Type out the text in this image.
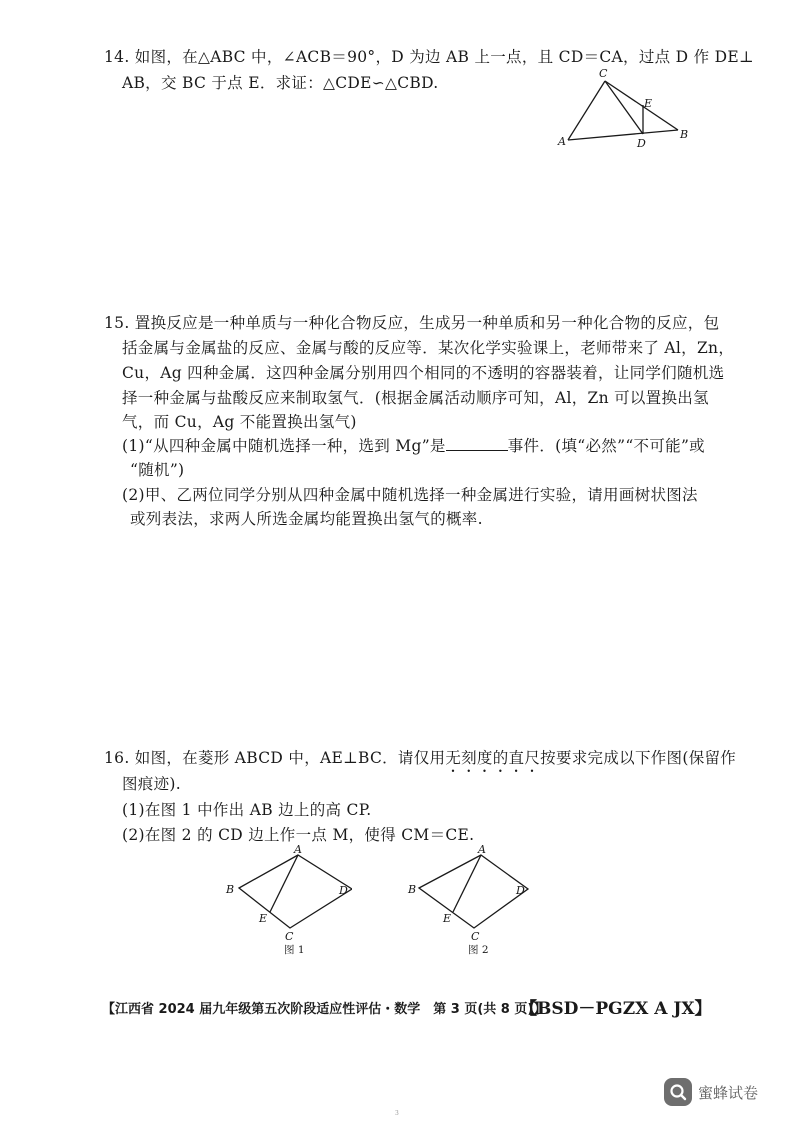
14. 如图，在△ABC 中，∠ACB＝90°，D 为边 AB 上一点，且 CD＝CA，过点 D 作 DE⊥
AB，交 BC 于点 E．求证：△CDE∽△CBD.
C
E
A	D
B
15. 置换反应是一种单质与一种化合物反应，生成另一种单质和另一种化合物的反应，包
括金属与金属盐的反应、金属与酸的反应等．某次化学实验课上，老师带来了 Al，Zn，
Cu，Ag 四种金属．这四种金属分别用四个相同的不透明的容器装着，让同学们随机选
择一种金属与盐酸反应来制取氢气．(根据金属活动顺序可知，Al，Zn 可以置换出氢
气，而 Cu，Ag 不能置换出氢气)
(1)“从四种金属中随机选择一种，选到 Mg”是	事件．(填“必然”“不可能”或
“随机”)
(2)甲、乙两位同学分别从四种金属中随机选择一种金属进行实验，请用画树状图法
或列表法，求两人所选金属均能置换出氢气的概率.
16. 如图，在菱形 ABCD 中，AE⊥BC．请仅用无刻度的直尺按要求完成以下作图(保留作
图痕迹).
(1)在图 1 中作出 AB 边上的高 CP.
(2)在图 2 的 CD 边上作一点 M，使得 CM＝CE.
A
B
E
C
D
图 1
A
B
E
C
D
图 2
【江西省 2024 届九年级第五次阶段适应性评估・数学　第 3 页(共 8 页)】
【BSD－PGZX A JX】
蜜蜂试卷
3
